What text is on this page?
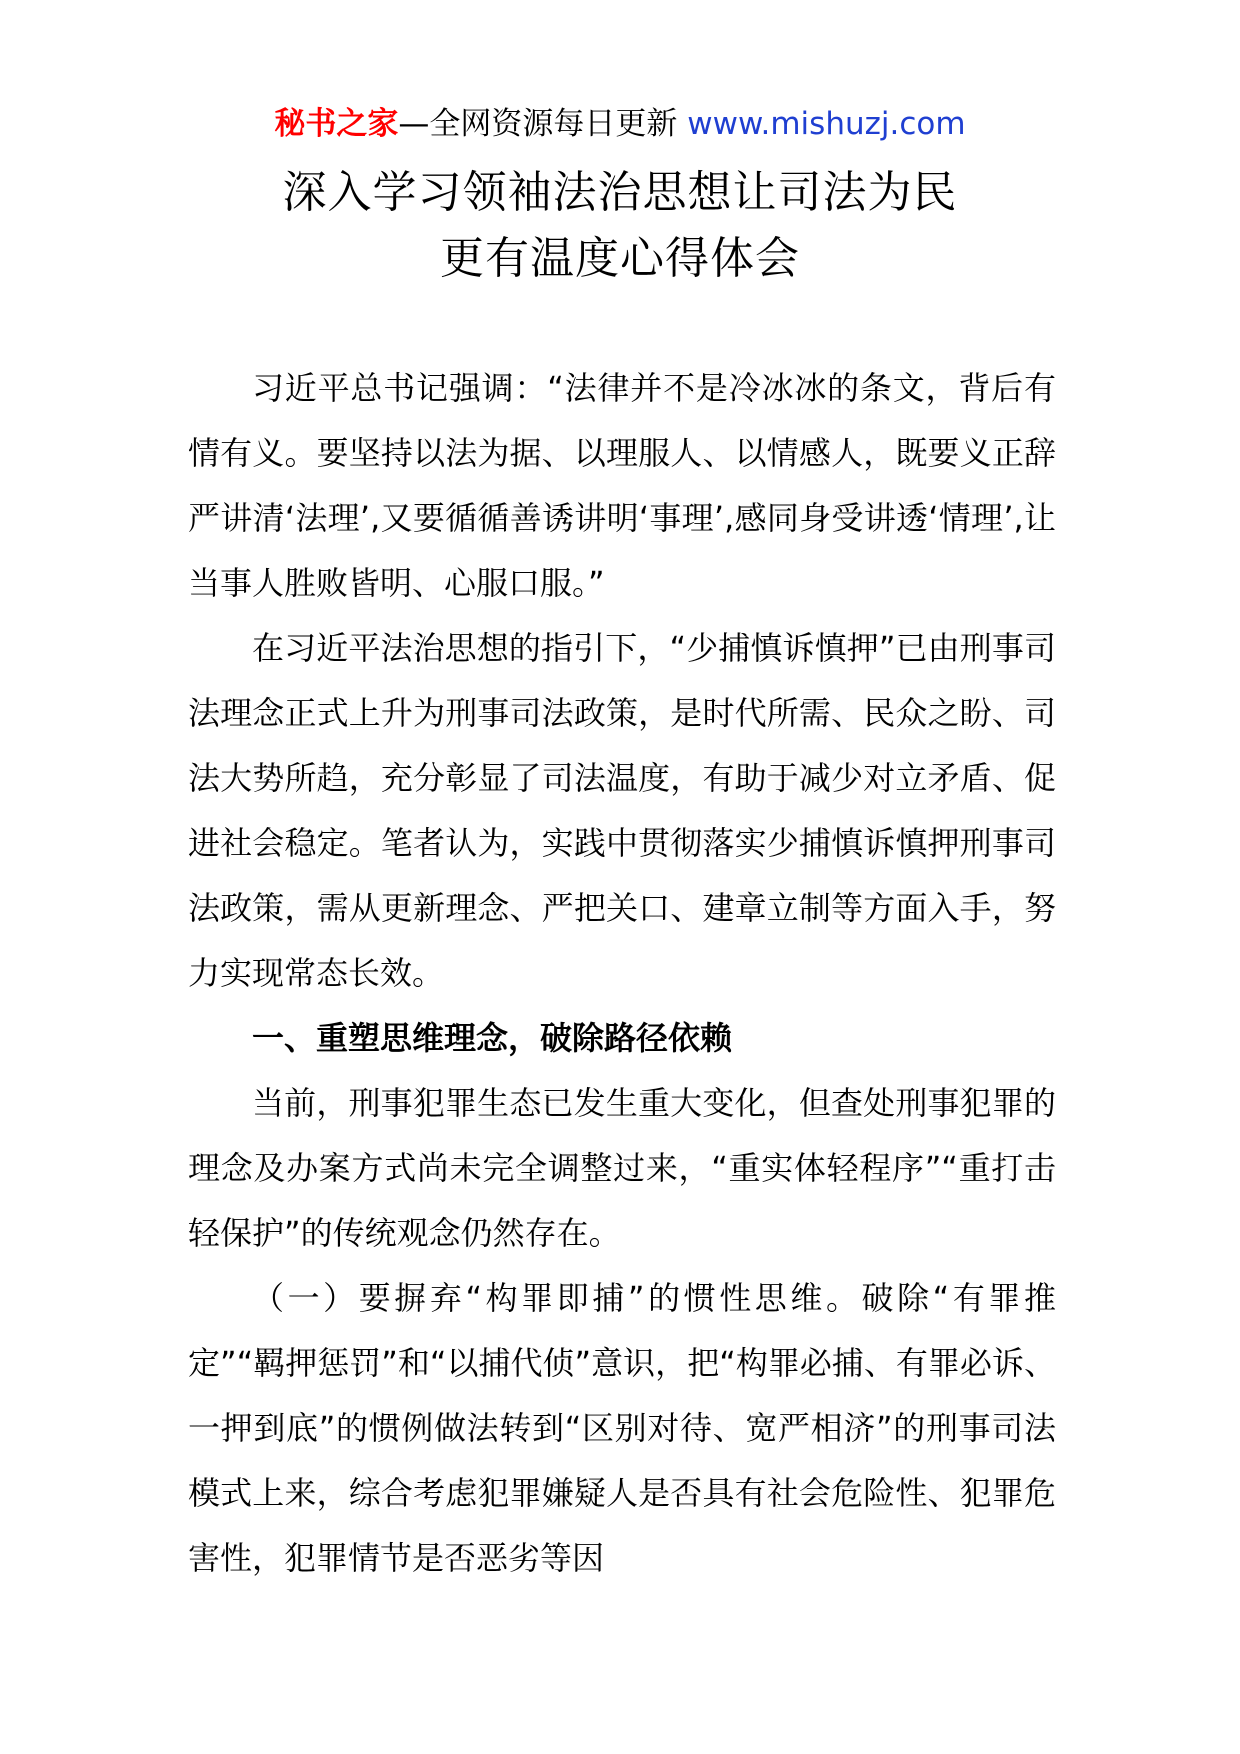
秘书之家—全网资源每日更新 www.mishuzj.com
深入学习领袖法治思想让司法为民
更有温度心得体会

习近平总书记强调：“法律并不是冷冰冰的条文，背后有情有义。要坚持以法为据、以理服人、以情感人，既要义正辞严讲清‘法理’,又要循循善诱讲明‘事理’,感同身受讲透‘情理’,让当事人胜败皆明、心服口服。”

在习近平法治思想的指引下，“少捕慎诉慎押”已由刑事司法理念正式上升为刑事司法政策，是时代所需、民众之盼、司法大势所趋，充分彰显了司法温度，有助于减少对立矛盾、促进社会稳定。笔者认为，实践中贯彻落实少捕慎诉慎押刑事司法政策，需从更新理念、严把关口、建章立制等方面入手，努力实现常态长效。

一、重塑思维理念，破除路径依赖

当前，刑事犯罪生态已发生重大变化，但查处刑事犯罪的理念及办案方式尚未完全调整过来，“重实体轻程序”“重打击轻保护”的传统观念仍然存在。

（一）要摒弃“构罪即捕”的惯性思维。破除“有罪推定”“羁押惩罚”和“以捕代侦”意识，把“构罪必捕、有罪必诉、一押到底”的惯例做法转到“区别对待、宽严相济”的刑事司法模式上来，综合考虑犯罪嫌疑人是否具有社会危险性、犯罪危害性，犯罪情节是否恶劣等因
